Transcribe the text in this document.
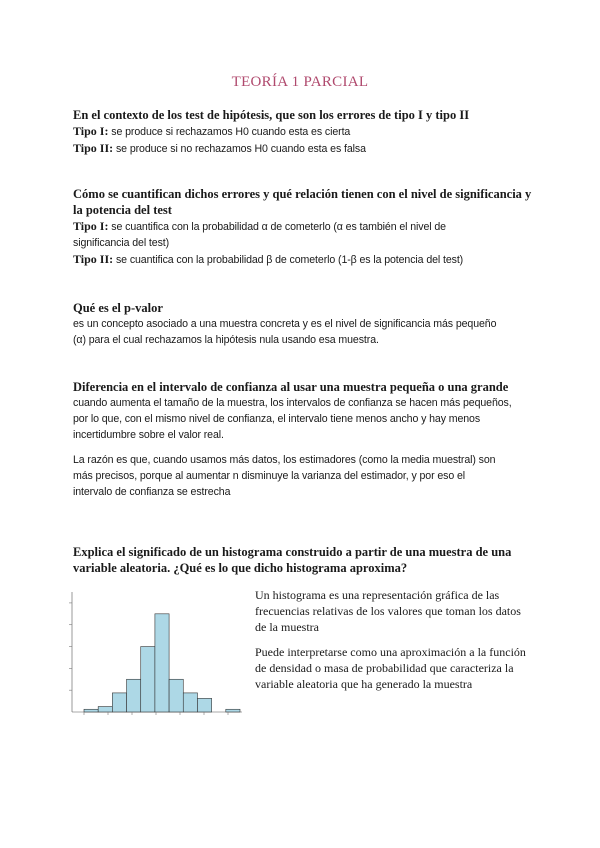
TEORÍA 1 PARCIAL
En el contexto de los test de hipótesis, que son los errores de tipo I y tipo II
Tipo I: se produce si rechazamos H0 cuando esta es cierta
Tipo II: se produce si no rechazamos H0 cuando esta es falsa
Cómo se cuantifican dichos errores y qué relación tienen con el nivel de significancia y
la potencia del test
Tipo I: se cuantifica con la probabilidad α de cometerlo (α es también el nivel de
significancia del test)
Tipo II: se cuantifica con la probabilidad β de cometerlo (1-β es la potencia del test)
Qué es el p-valor
es un concepto asociado a una muestra concreta y es el nivel de significancia más pequeño
(α) para el cual rechazamos la hipótesis nula usando esa muestra.
Diferencia en el intervalo de confianza al usar una muestra pequeña o una grande
cuando aumenta el tamaño de la muestra, los intervalos de confianza se hacen más pequeños,
por lo que, con el mismo nivel de confianza, el intervalo tiene menos ancho y hay menos
incertidumbre sobre el valor real.
La razón es que, cuando usamos más datos, los estimadores (como la media muestral) son
más precisos, porque al aumentar n disminuye la varianza del estimador, y por eso el
intervalo de confianza se estrecha
Explica el significado de un histograma construido a partir de una muestra de una
variable aleatoria. ¿Qué es lo que dicho histograma aproxima?
Un histograma es una representación gráfica de las
frecuencias relativas de los valores que toman los datos
de la muestra
Puede interpretarse como una aproximación a la función
de densidad o masa de probabilidad que caracteriza la
variable aleatoria que ha generado la muestra
